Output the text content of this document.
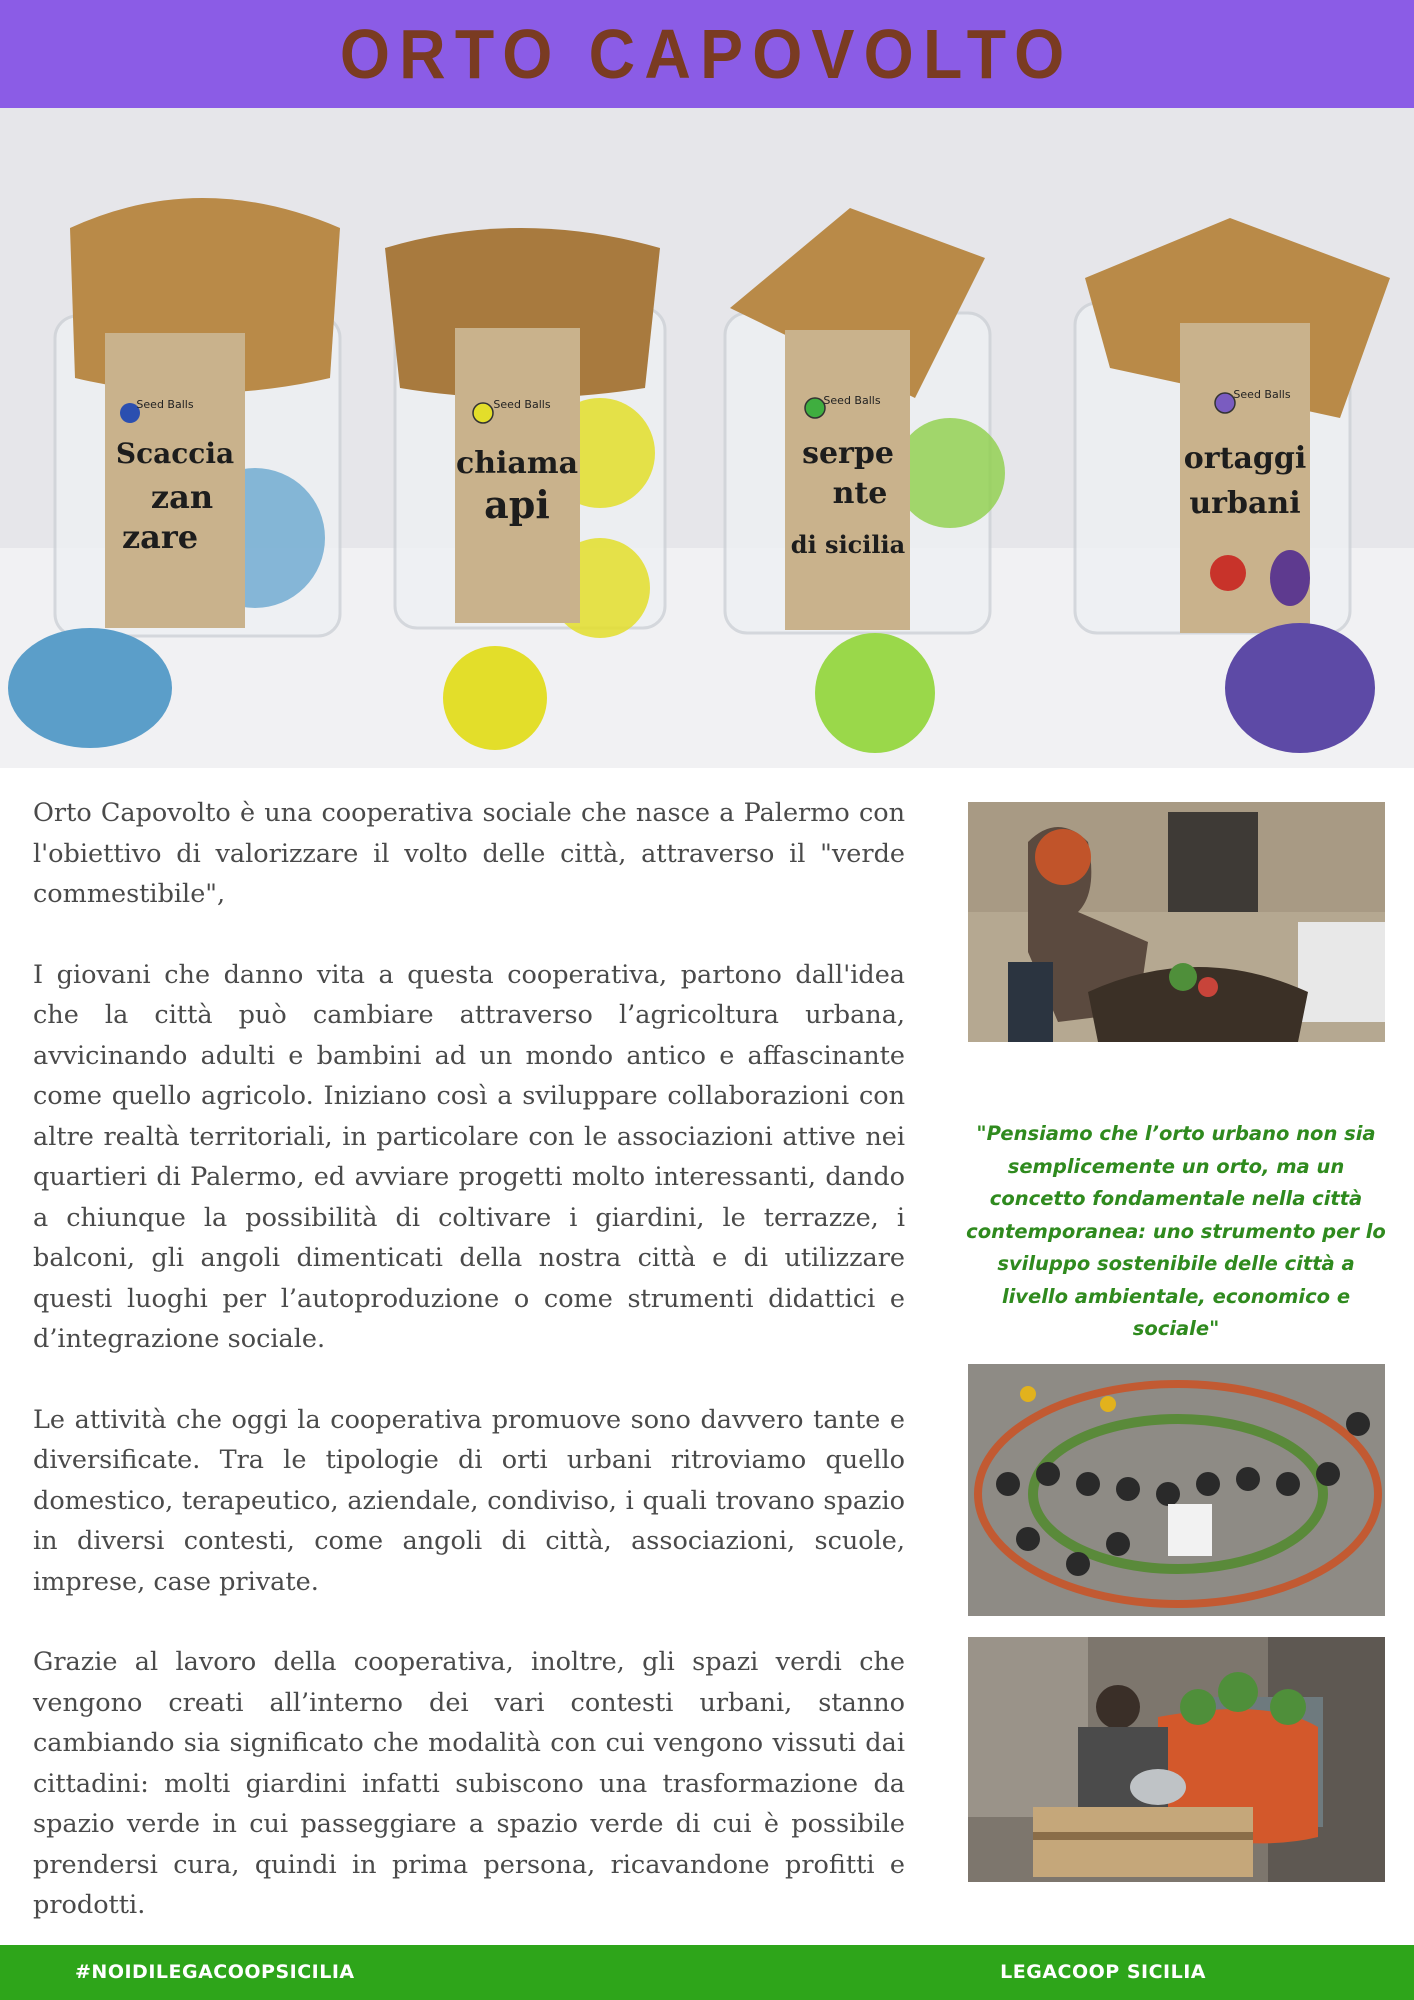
ORTO CAPOVOLTO
Scaccia
zan
zare
Seed Balls
chiama
api
Seed Balls
serpe
nte
di sicilia
Seed Balls
ortaggi
urbani
Seed Balls

Orto Capovolto è una cooperativa sociale che nasce a Palermo con l'obiettivo di valorizzare il volto delle città, attraverso il "verde commestibile",

I giovani che danno vita a questa cooperativa, partono dall'idea che la città può cambiare attraverso l’agricoltura urbana, avvicinando adulti e bambini ad un mondo antico e affascinante come quello agricolo. Iniziano così a sviluppare collaborazioni con altre realtà territoriali, in particolare con le associazioni attive nei quartieri di Palermo, ed avviare progetti molto interessanti, dando a chiunque la possibilità di coltivare i giardini, le terrazze, i balconi, gli angoli dimenticati della nostra città e di utilizzare questi luoghi per l’autoproduzione o come strumenti didattici e d’integrazione sociale.

Le attività che oggi la cooperativa promuove sono davvero tante e diversificate. Tra le tipologie di orti urbani ritroviamo quello domestico, terapeutico, aziendale, condiviso, i quali trovano spazio in diversi contesti, come angoli di città, associazioni, scuole, imprese, case private.

Grazie al lavoro della cooperativa, inoltre, gli spazi verdi che vengono creati all’interno dei vari contesti urbani, stanno cambiando sia significato che modalità con cui vengono vissuti dai cittadini: molti giardini infatti subiscono una trasformazione da spazio verde in cui passeggiare a spazio verde di cui è possibile prendersi cura, quindi in prima persona, ricavandone profitti e prodotti.

"Pensiamo che l’orto urbano non sia semplicemente un orto, ma un concetto fondamentale nella città contemporanea: uno strumento per lo sviluppo sostenibile delle città a livello ambientale, economico e sociale"
#NOIDILEGACOOPSICILIA	LEGACOOP SICILIA
